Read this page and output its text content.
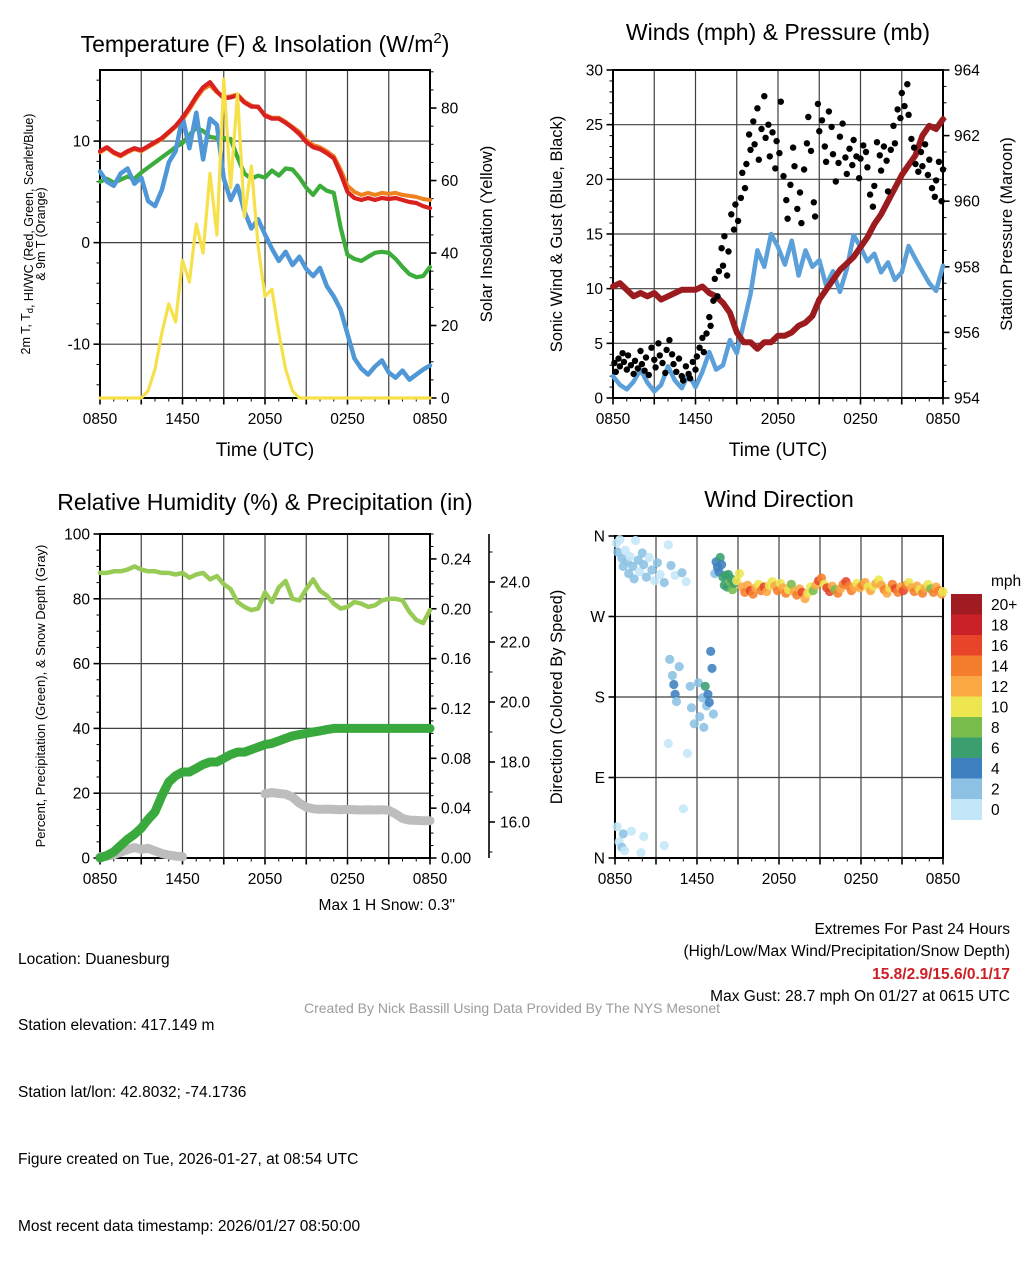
0850	1450	2050	0250	0850
Time (UTC)
-10
0
10
0
20
40
60
80
Temperature (F) & Insolation $(W/m^2)$
2m T, $T_d$, HI/WC (Red, Green, Scarlet/Blue)
& 9m T (Orange)	Solar Insolation (Yellow)
0850	1450	2050	0250	0850
Time (UTC)
0
5
10
15
20
25
30
954
956
958
960
962
964
Winds (mph) & Pressure (mb)
Sonic Wind & Gust (Blue, Black)	Station Pressure (Maroon)
0850	1450	2050	0250	0850
0
20
40
60
80
100
0.00
0.04
0.08
0.12
0.16
0.20
0.24
16.0
18.0
20.0
22.0
24.0
Relative Humidity (%) & Precipitation (in)
Percent, Precipitation (Green), & Snow Depth (Gray)
0850	1450	2050	0250	0850
N
E
S
W
N
mph
20+
18
16
14
12
10
8
6
4
2
0
Wind Direction
Direction (Colored By Speed)

Location: Duanesburg

Station elevation: 417.149 m

Station lat/lon: 42.8032; -74.1736

Figure created on Tue, 2026-01-27, at 08:54 UTC

Most recent data timestamp: 2026/01/27 08:50:00

Max 1 H Snow: 0.3"
Extremes For Past 24 Hours
(High/Low/Max Wind/Precipitation/Snow Depth)
15.8/2.9/15.6/0.1/17
Max Gust: 28.7 mph On 01/27 at 0615 UTC
Created By Nick Bassill Using Data Provided By The NYS Mesonet
